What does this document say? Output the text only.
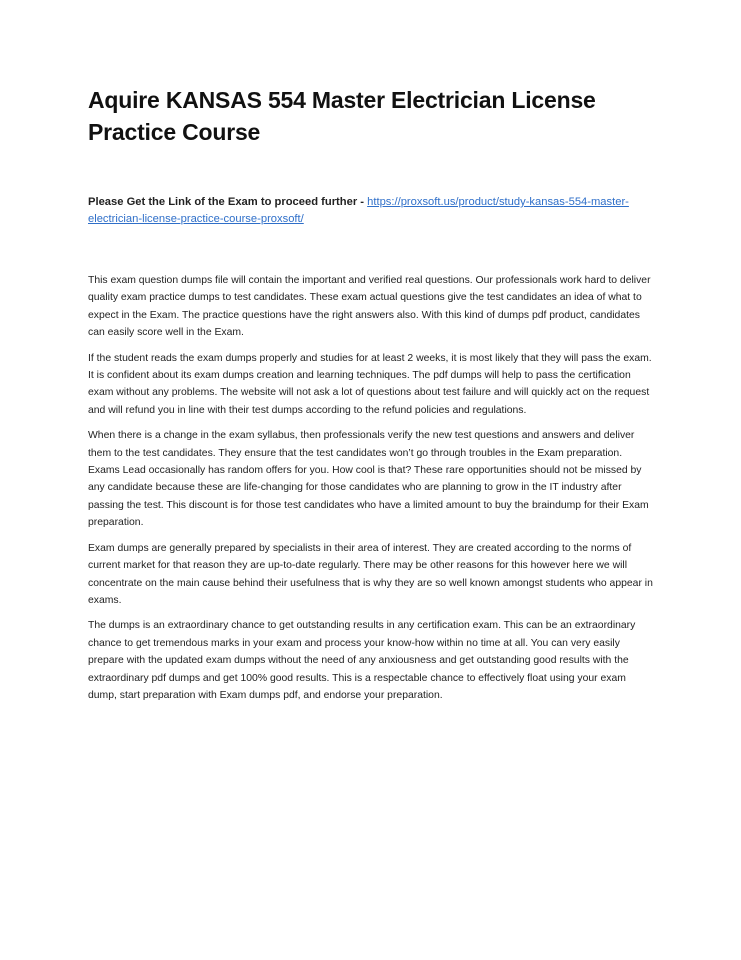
Aquire KANSAS 554 Master Electrician License Practice Course

Please Get the Link of the Exam to proceed further - https://proxsoft.us/product/study-kansas-554-master-electrician-license-practice-course-proxsoft/

This exam question dumps file will contain the important and verified real questions. Our professionals work hard to deliver quality exam practice dumps to test candidates. These exam actual questions give the test candidates an idea of what to expect in the Exam. The practice questions have the right answers also. With this kind of dumps pdf product, candidates can easily score well in the Exam.

If the student reads the exam dumps properly and studies for at least 2 weeks, it is most likely that they will pass the exam. It is confident about its exam dumps creation and learning techniques. The pdf dumps will help to pass the certification exam without any problems. The website will not ask a lot of questions about test failure and will quickly act on the request and will refund you in line with their test dumps according to the refund policies and regulations.

When there is a change in the exam syllabus, then professionals verify the new test questions and answers and deliver them to the test candidates. They ensure that the test candidates won’t go through troubles in the Exam preparation. Exams Lead occasionally has random offers for you. How cool is that? These rare opportunities should not be missed by any candidate because these are life-changing for those candidates who are planning to grow in the IT industry after passing the test. This discount is for those test candidates who have a limited amount to buy the braindump for their Exam preparation.

Exam dumps are generally prepared by specialists in their area of interest. They are created according to the norms of current market for that reason they are up-to-date regularly. There may be other reasons for this however here we will concentrate on the main cause behind their usefulness that is why they are so well known amongst students who appear in exams.

The dumps is an extraordinary chance to get outstanding results in any certification exam. This can be an extraordinary chance to get tremendous marks in your exam and process your know-how within no time at all. You can very easily prepare with the updated exam dumps without the need of any anxiousness and get outstanding good results with the extraordinary pdf dumps and get 100% good results. This is a respectable chance to effectively float using your exam dump, start preparation with Exam dumps pdf, and endorse your preparation.
